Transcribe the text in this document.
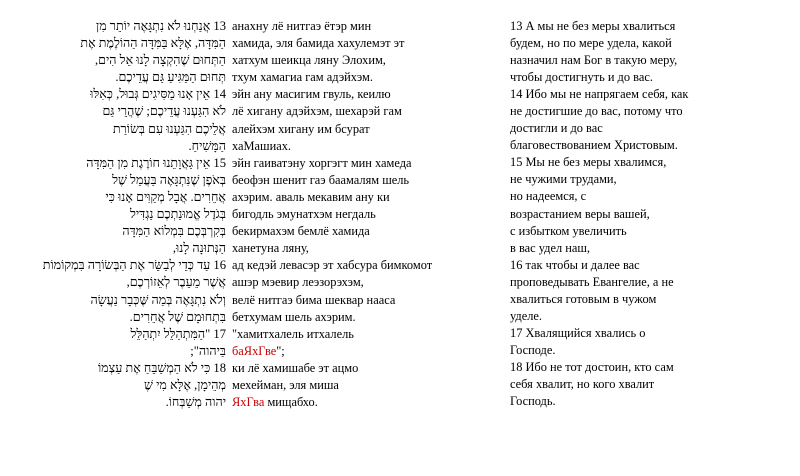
13 אֲנַחְנוּ לֹא נִתְגָּאֶה יוֹתֵר מִן
הַמִּדָּה, אֶלָּא בַּמִּדָּה הַהוֹלֶמֶת אֶת
הַתְּחוּם שֶׁהִקְצָה לָנוּ אֵל הִים,
תְּחוּם הַמַּגִּיעַ גַּם עֲדֵיכֶם.
14 אֵין אָנוּ מַסִּיגִים גְּבוּל, כְּאִלּוּ
לֹא הִגַּעְנוּ עֲדֵיכֶם; שֶׁהֲרֵי גַּם
אֲלֵיכֶם הִגַּעְנוּ עִם בְּשׂוֹרַת
הַמָּשִׁיחַ.
15 אֵין גַּאֲוָתֵנוּ חוֹרֶגֶת מִן הַמִּדָּה
בְּאֹפֶן שֶׁנִּתְגָּאֶה בַּעֲמַל שֶׁל
אֲחֵרִים. אֲבָל מְקַוִּים אָנוּ כִּי
בְּגֹדֶל אֱמוּנַתְכֶם נַגְדִּיל
בְּקִרְבְּכֶם בִּמְלוֹא הַמִּדָּה
הַנְּתוּנָה לָנוּ,
16 עַד כְּדֵי לְבַשֵּׂר אֶת הַבְּשׂוֹרָה בִּמְקוֹמוֹת
אֲשֶׁר מֵעֵבֶר לְאֵזוֹרְכֶם,
וְלֹא נִתְגָּאֶה בְּמַה שֶּׁכְּבָר נַעֲשָׂה
בִּתְחוּמָם שֶׁל אֲחֵרִים.
17 "הַמִּתְהַלֵּל יִתְהַלֵּל
בַּיהוה";
18 כִּי לֹא הַמְשַׁבֵּחַ אֶת עַצְמוֹ
מְהֵימָן, אֶלָּא מִי שֶׁ
יהוה מְשַׁבְּחוֹ.
анахну лё нитгаэ ётэр мин
хамида, эля бамида хахулемэт эт
хатхум шеикца ляну Элохим,
тхум хамагиа гам адэйхэм.
эйн ану масигим гвуль, кеилю
лё хигану адэйхэм, шехарэй гам
алейхэм хигану им бсурат
хаМашиах.
эйн гаиватэну хоргэгт мин хамеда
беофэн шенит гаэ баамалям шель
ахэрим. аваль мекавим ану ки
бигодль эмунатхэм негдаль
бекирмахэм бемлё хамида
ханетуна ляну,
ад кедэй левасэр эт хабсура бимкомот
ашэр мэевир леэзорэхэм,
велё нитгаэ бима шеквар нааса
бетхумам шель ахэрим.
"хамитхалель итхалель
баЯхГве";
ки лё хамишабе эт ацмо
мехейман, эля миша
ЯхГва мищабхо.
13 А мы не без меры хвалиться
будем, но по мере удела, какой
назначил нам Бог в такую меру,
чтобы достигнуть и до вас.
14 Ибо мы не напрягаем себя, как
не достигшие до вас, потому что
достигли и до вас
благовествованием Христовым.
15 Мы не без меры хвалимся,
не чужими трудами,
но надеемся, с
возрастанием веры вашей,
с избытком увеличить
в вас удел наш,
16 так чтобы и далее вас
проповедывать Евангелие, а не
хвалиться готовым в чужом
уделе.
17 Хвалящийся хвались о
Господе.
18 Ибо не тот достоин, кто сам
себя хвалит, но кого хвалит
Господь.
